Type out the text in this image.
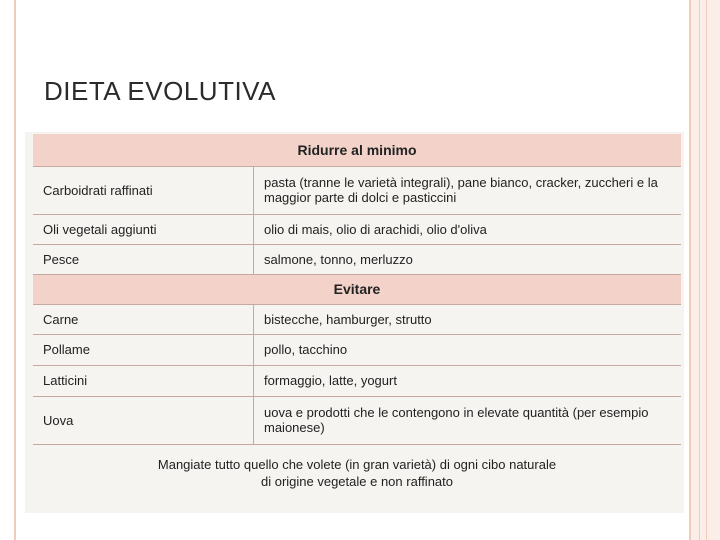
DIETA EVOLUTIVA
Ridurre al minimo	
Carboidrati raffinati	pasta (tranne le varietà integrali), pane bianco, cracker, zuccheri e la maggior parte di dolci e pasticcini
Oli vegetali aggiunti	olio di mais, olio di arachidi, olio d'oliva
Pesce	salmone, tonno, merluzzo
Evitare	
Carne	bistecche, hamburger, strutto
Pollame	pollo, tacchino
Latticini	formaggio, latte, yogurt
Uova	uova e prodotti che le contengono in elevate quantità (per esempio maionese)
Mangiate tutto quello che volete (in gran varietà) di ogni cibo naturale
di origine vegetale e non raffinato
